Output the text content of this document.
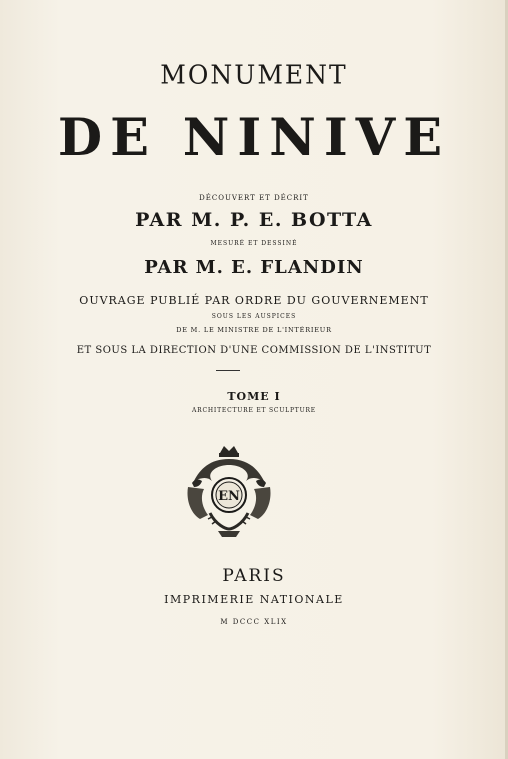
MONUMENT
DE NINIVE
DÉCOUVERT ET DÉCRIT
PAR M. P. E. BOTTA
MESURÉ ET DESSINÉ
PAR M. E. FLANDIN
OUVRAGE PUBLIÉ PAR ORDRE DU GOUVERNEMENT
SOUS LES AUSPICES
DE M. LE MINISTRE DE L'INTÉRIEUR
ET SOUS LA DIRECTION D'UNE COMMISSION DE L'INSTITUT
TOME I
ARCHITECTURE ET SCULPTURE
EN
PARIS
IMPRIMERIE NATIONALE
M DCCC XLIX
